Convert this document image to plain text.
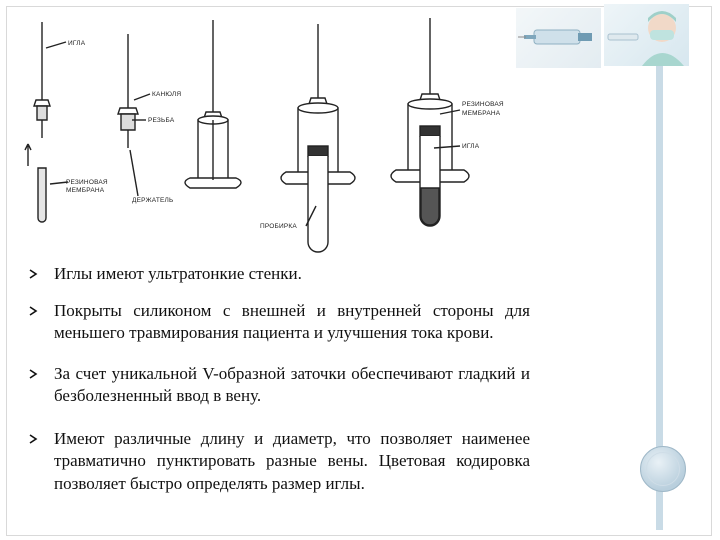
ИГЛА
КАНЮЛЯ
РЕЗЬБА
РЕЗИНОВАЯ МЕМБРАНА
ДЕРЖАТЕЛЬ
ПРОБИРКА
РЕЗИНОВАЯ
МЕМБРАНА
ИГЛА
Иглы имеют ультратонкие стенки.
Покрыты силиконом с внешней и внутренней стороны для меньшего травмирования пациента и улучшения тока крови.
За счет уникальной V-образной заточки обеспечивают гладкий и безболезненный ввод в вену.
Имеют различные длину и диаметр, что позволяет наименее травматично пунктировать разные вены. Цветовая кодировка позволяет быстро определять размер иглы.
